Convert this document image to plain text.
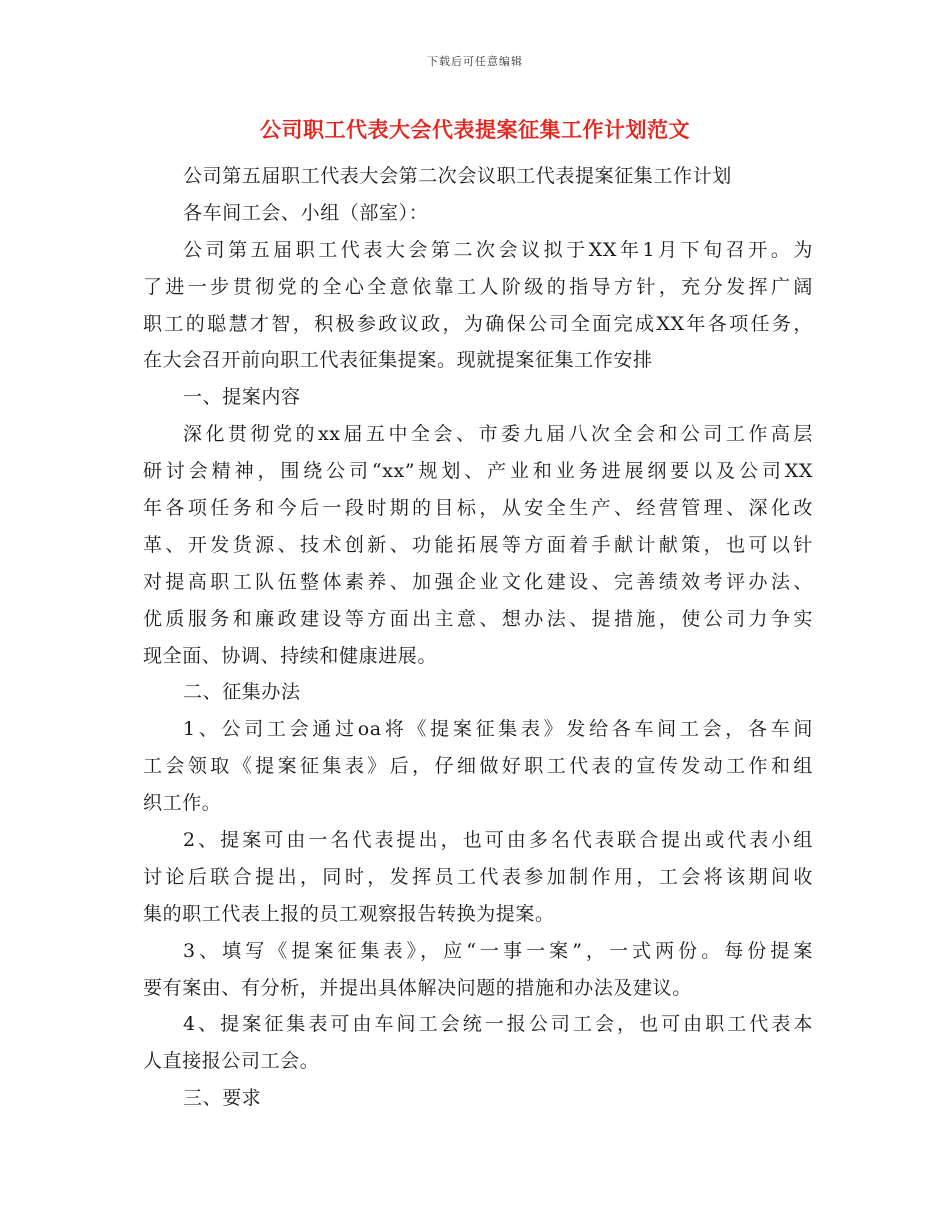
下载后可任意编辑
公司职工代表大会代表提案征集工作计划范文
公司第五届职工代表大会第二次会议职工代表提案征集工作计划
各车间工会、小组（部室）：
公司第五届职工代表大会第二次会议拟于XX年1月下旬召开。为
了进一步贯彻党的全心全意依靠工人阶级的指导方针，充分发挥广阔
职工的聪慧才智，积极参政议政，为确保公司全面完成XX年各项任务，
在大会召开前向职工代表征集提案。现就提案征集工作安排
一、提案内容
深化贯彻党的xx届五中全会、市委九届八次全会和公司工作高层
研讨会精神，围绕公司“xx”规划、产业和业务进展纲要以及公司XX
年各项任务和今后一段时期的目标，从安全生产、经营管理、深化改
革、开发货源、技术创新、功能拓展等方面着手献计献策，也可以针
对提高职工队伍整体素养、加强企业文化建设、完善绩效考评办法、
优质服务和廉政建设等方面出主意、想办法、提措施，使公司力争实
现全面、协调、持续和健康进展。
二、征集办法
1、公司工会通过oa将《提案征集表》发给各车间工会，各车间
工会领取《提案征集表》后，仔细做好职工代表的宣传发动工作和组
织工作。
2、提案可由一名代表提出，也可由多名代表联合提出或代表小组
讨论后联合提出，同时，发挥员工代表参加制作用，工会将该期间收
集的职工代表上报的员工观察报告转换为提案。
3、填写《提案征集表》，应“一事一案”，一式两份。每份提案
要有案由、有分析，并提出具体解决问题的措施和办法及建议。
4、提案征集表可由车间工会统一报公司工会，也可由职工代表本
人直接报公司工会。
三、要求
